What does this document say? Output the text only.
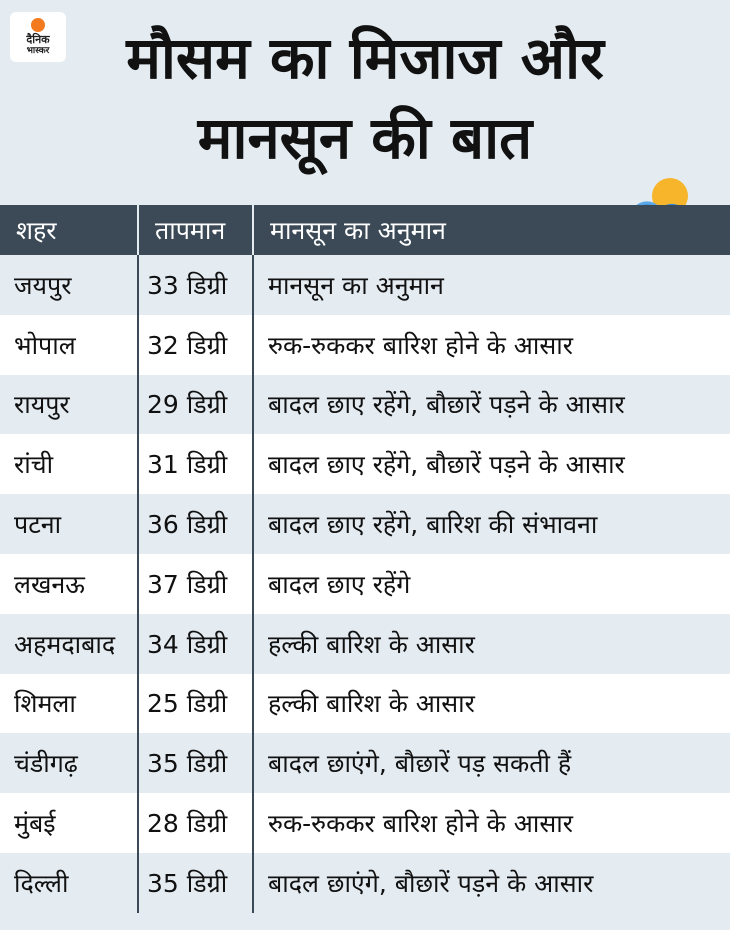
दैनिक
भास्कर	मौसम का मिजाज और
मानसून की बात
शहर	तापमान	मानसून का अनुमान
जयपुर	33 डिग्री	मानसून का अनुमान
भोपाल	32 डिग्री	रुक-रुककर बारिश होने के आसार
रायपुर	29 डिग्री	बादल छाए रहेंगे, बौछारें पड़ने के आसार
रांची	31 डिग्री	बादल छाए रहेंगे, बौछारें पड़ने के आसार
पटना	36 डिग्री	बादल छाए रहेंगे, बारिश की संभावना
लखनऊ	37 डिग्री	बादल छाए रहेंगे
अहमदाबाद	34 डिग्री	हल्की बारिश के आसार
शिमला	25 डिग्री	हल्की बारिश के आसार
चंडीगढ़	35 डिग्री	बादल छाएंगे, बौछारें पड़ सकती हैं
मुंबई	28 डिग्री	रुक-रुककर बारिश होने के आसार
दिल्ली	35 डिग्री	बादल छाएंगे, बौछारें पड़ने के आसार
